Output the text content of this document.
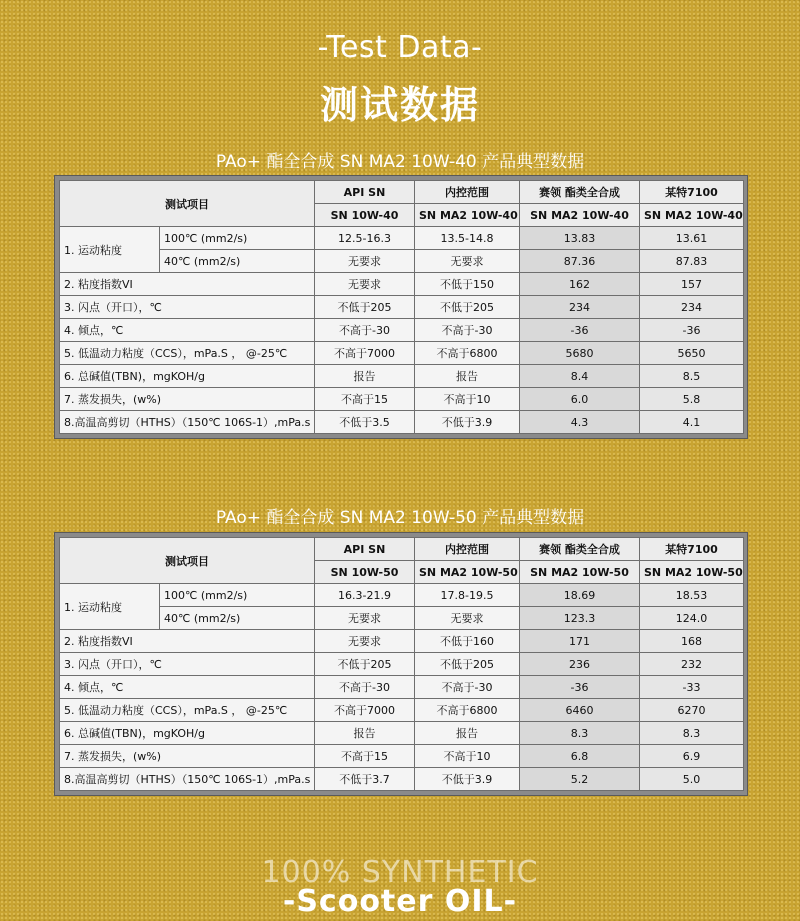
-Test Data-
测试数据
PAo+ 酯全合成 SN MA2 10W-40 产品典型数据
测试项目		API SN	内控范围	赛领 酯类全合成	某特7100
		SN 10W-40	SN MA2 10W-40	SN MA2 10W-40	SN MA2 10W-40
1. 运动粘度	100℃ (mm2/s)	12.5-16.3	13.5-14.8	13.83	13.61
	40℃ (mm2/s)	无要求	无要求	87.36	87.83
2. 粘度指数VI		无要求	不低于150	162	157
3. 闪点（开口），℃		不低于205	不低于205	234	234
4. 倾点，℃		不高于-30	不高于-30	-36	-36
5. 低温动力粘度（CCS），mPa.S ， @-25℃		不高于7000	不高于6800	5680	5650
6. 总碱值(TBN)，mgKOH/g		报告	报告	8.4	8.5
7. 蒸发损失，(w%)		不高于15	不高于10	6.0	5.8
8.高温高剪切（HTHS）（150℃ 106S-1）,mPa.s		不低于3.5	不低于3.9	4.3	4.1
PAo+ 酯全合成 SN MA2 10W-50 产品典型数据
测试项目		API SN	内控范围	赛领 酯类全合成	某特7100
		SN 10W-50	SN MA2 10W-50	SN MA2 10W-50	SN MA2 10W-50
1. 运动粘度	100℃ (mm2/s)	16.3-21.9	17.8-19.5	18.69	18.53
	40℃ (mm2/s)	无要求	无要求	123.3	124.0
2. 粘度指数VI		无要求	不低于160	171	168
3. 闪点（开口），℃		不低于205	不低于205	236	232
4. 倾点，℃		不高于-30	不高于-30	-36	-33
5. 低温动力粘度（CCS），mPa.S ， @-25℃		不高于7000	不高于6800	6460	6270
6. 总碱值(TBN)，mgKOH/g		报告	报告	8.3	8.3
7. 蒸发损失，(w%)		不高于15	不高于10	6.8	6.9
8.高温高剪切（HTHS）（150℃ 106S-1）,mPa.s		不低于3.7	不低于3.9	5.2	5.0
100% SYNTHETIC
-Scooter OIL-
